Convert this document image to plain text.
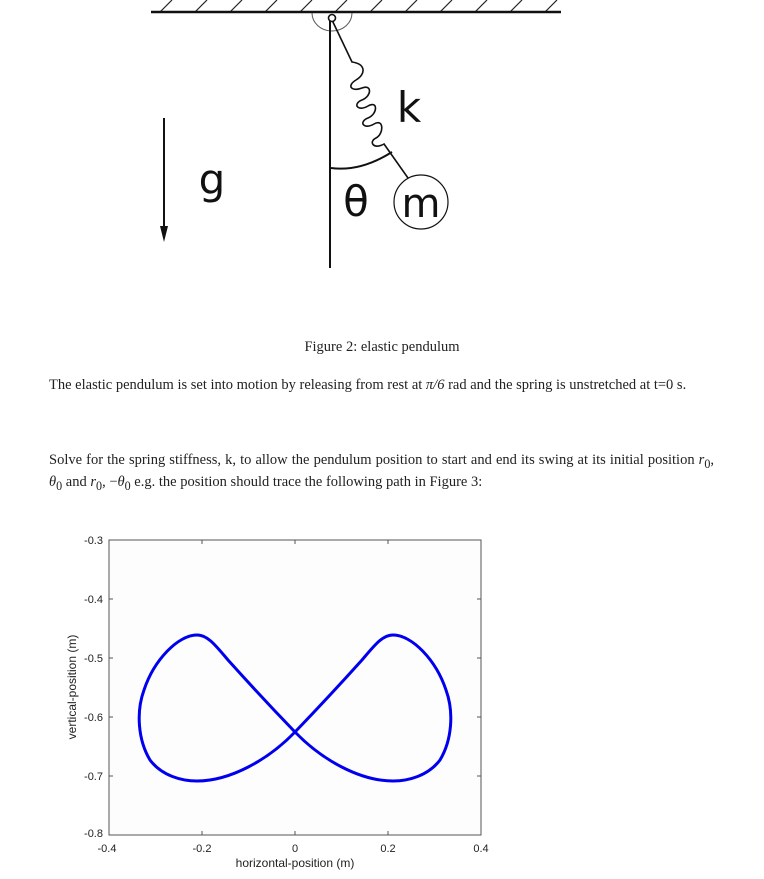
m
θ
k
g
Figure 2: elastic pendulum
The elastic pendulum is set into motion by releasing from rest at π/6 rad and the spring is unstretched at t=0 s.
Solve for the spring stiffness, k, to allow the pendulum position to start and end its swing at its initial position $r_0$, $\theta_0$ and $r_0$, $-\theta_0$ e.g. the position should trace the following path in Figure 3:
-0.3
-0.4
-0.5
-0.6
-0.7
-0.8
-0.4	-0.2	0	0.2	0.4
horizontal-position (m)
vertical-position (m)
